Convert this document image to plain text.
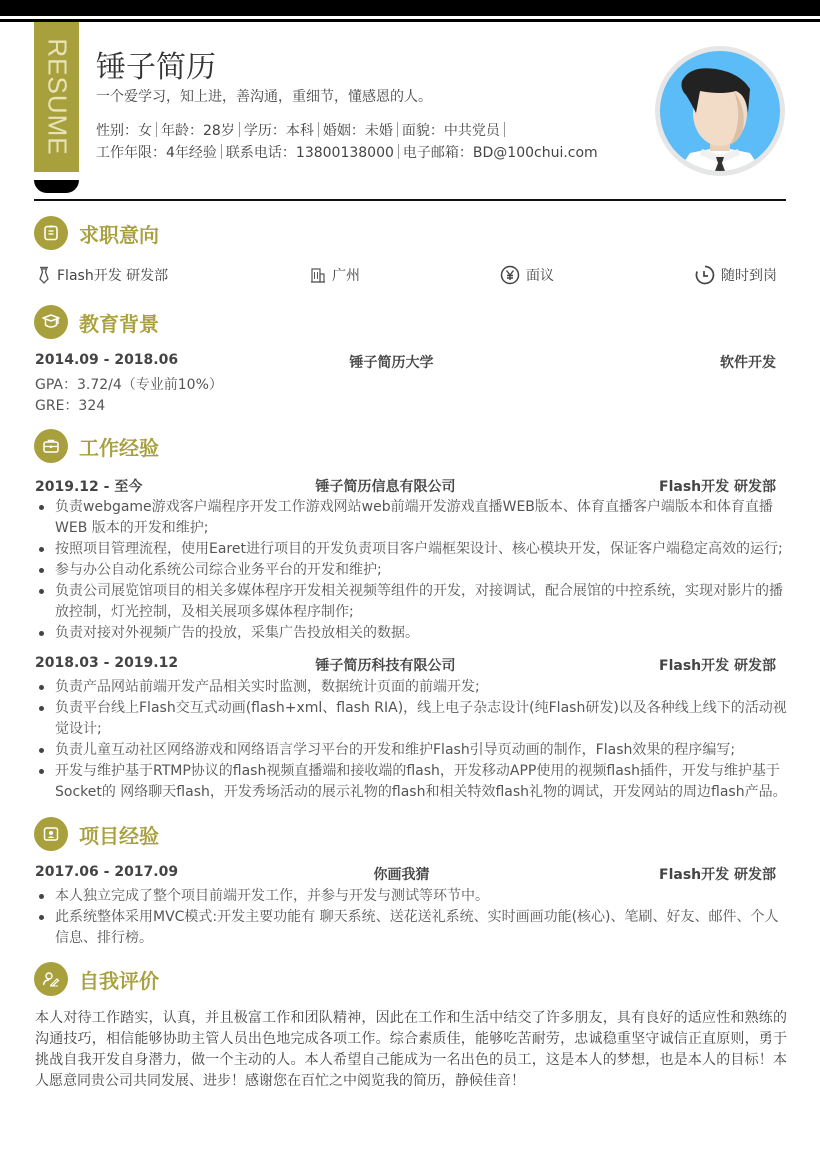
RESUME 锤子简历
一个爱学习，知上进，善沟通，重细节，懂感恩的人。
性别：女 年龄：28岁 学历：本科 婚姻：未婚 面貌：中共党员
工作年限：4年经验 联系电话：13800138000 电子邮箱：BD@100chui.com
求职意向
Flash开发 研发部	广州	面议	随时到岗
教育背景
2014.09 - 2018.06	锤子简历大学	软件开发
GPA：3.72/4（专业前10%）
GRE：324
工作经验
2019.12 - 至今	锤子简历信息有限公司	Flash开发 研发部
负责webgame游戏客户端程序开发工作游戏网站web前端开发游戏直播WEB版本、体育直播客户端版本和体育直播WEB 版本的开发和维护;
按照项目管理流程，使用Earet进行项目的开发负责项目客户端框架设计、核心模块开发，保证客户端稳定高效的运行;
参与办公自动化系统公司综合业务平台的开发和维护;
负责公司展览馆项目的相关多媒体程序开发相关视频等组件的开发，对接调试，配合展馆的中控系统，实现对影片的播放控制，灯光控制，及相关展项多媒体程序制作;
负责对接对外视频广告的投放，采集广告投放相关的数据。
2018.03 - 2019.12	锤子简历科技有限公司	Flash开发 研发部
负责产品网站前端开发产品相关实时监测，数据统计页面的前端开发;
负责平台线上Flash交互式动画(flash+xml、flash RIA)，线上电子杂志设计(纯Flash研发)以及各种线上线下的活动视觉设计;
负责儿童互动社区网络游戏和网络语言学习平台的开发和维护Flash引导页动画的制作，Flash效果的程序编写;
开发与维护基于RTMP协议的flash视频直播端和接收端的flash，开发移动APP使用的视频flash插件，开发与维护基于Socket的 网络聊天flash，开发秀场活动的展示礼物的flash和相关特效flash礼物的调试，开发网站的周边flash产品。
项目经验
2017.06 - 2017.09	你画我猜	Flash开发 研发部
本人独立完成了整个项目前端开发工作，并参与开发与测试等环节中。
此系统整体采用MVC模式:开发主要功能有 聊天系统、送花送礼系统、实时画画功能(核心)、笔刷、好友、邮件、个人信息、排行榜。
自我评价
本人对待工作踏实，认真，并且极富工作和团队精神，因此在工作和生活中结交了许多朋友，具有良好的适应性和熟练的沟通技巧，相信能够协助主管人员出色地完成各项工作。综合素质佳，能够吃苦耐劳，忠诚稳重坚守诚信正直原则，勇于挑战自我开发自身潜力，做一个主动的人。本人希望自己能成为一名出色的员工，这是本人的梦想，也是本人的目标！本人愿意同贵公司共同发展、进步！感谢您在百忙之中阅览我的简历，静候佳音！
